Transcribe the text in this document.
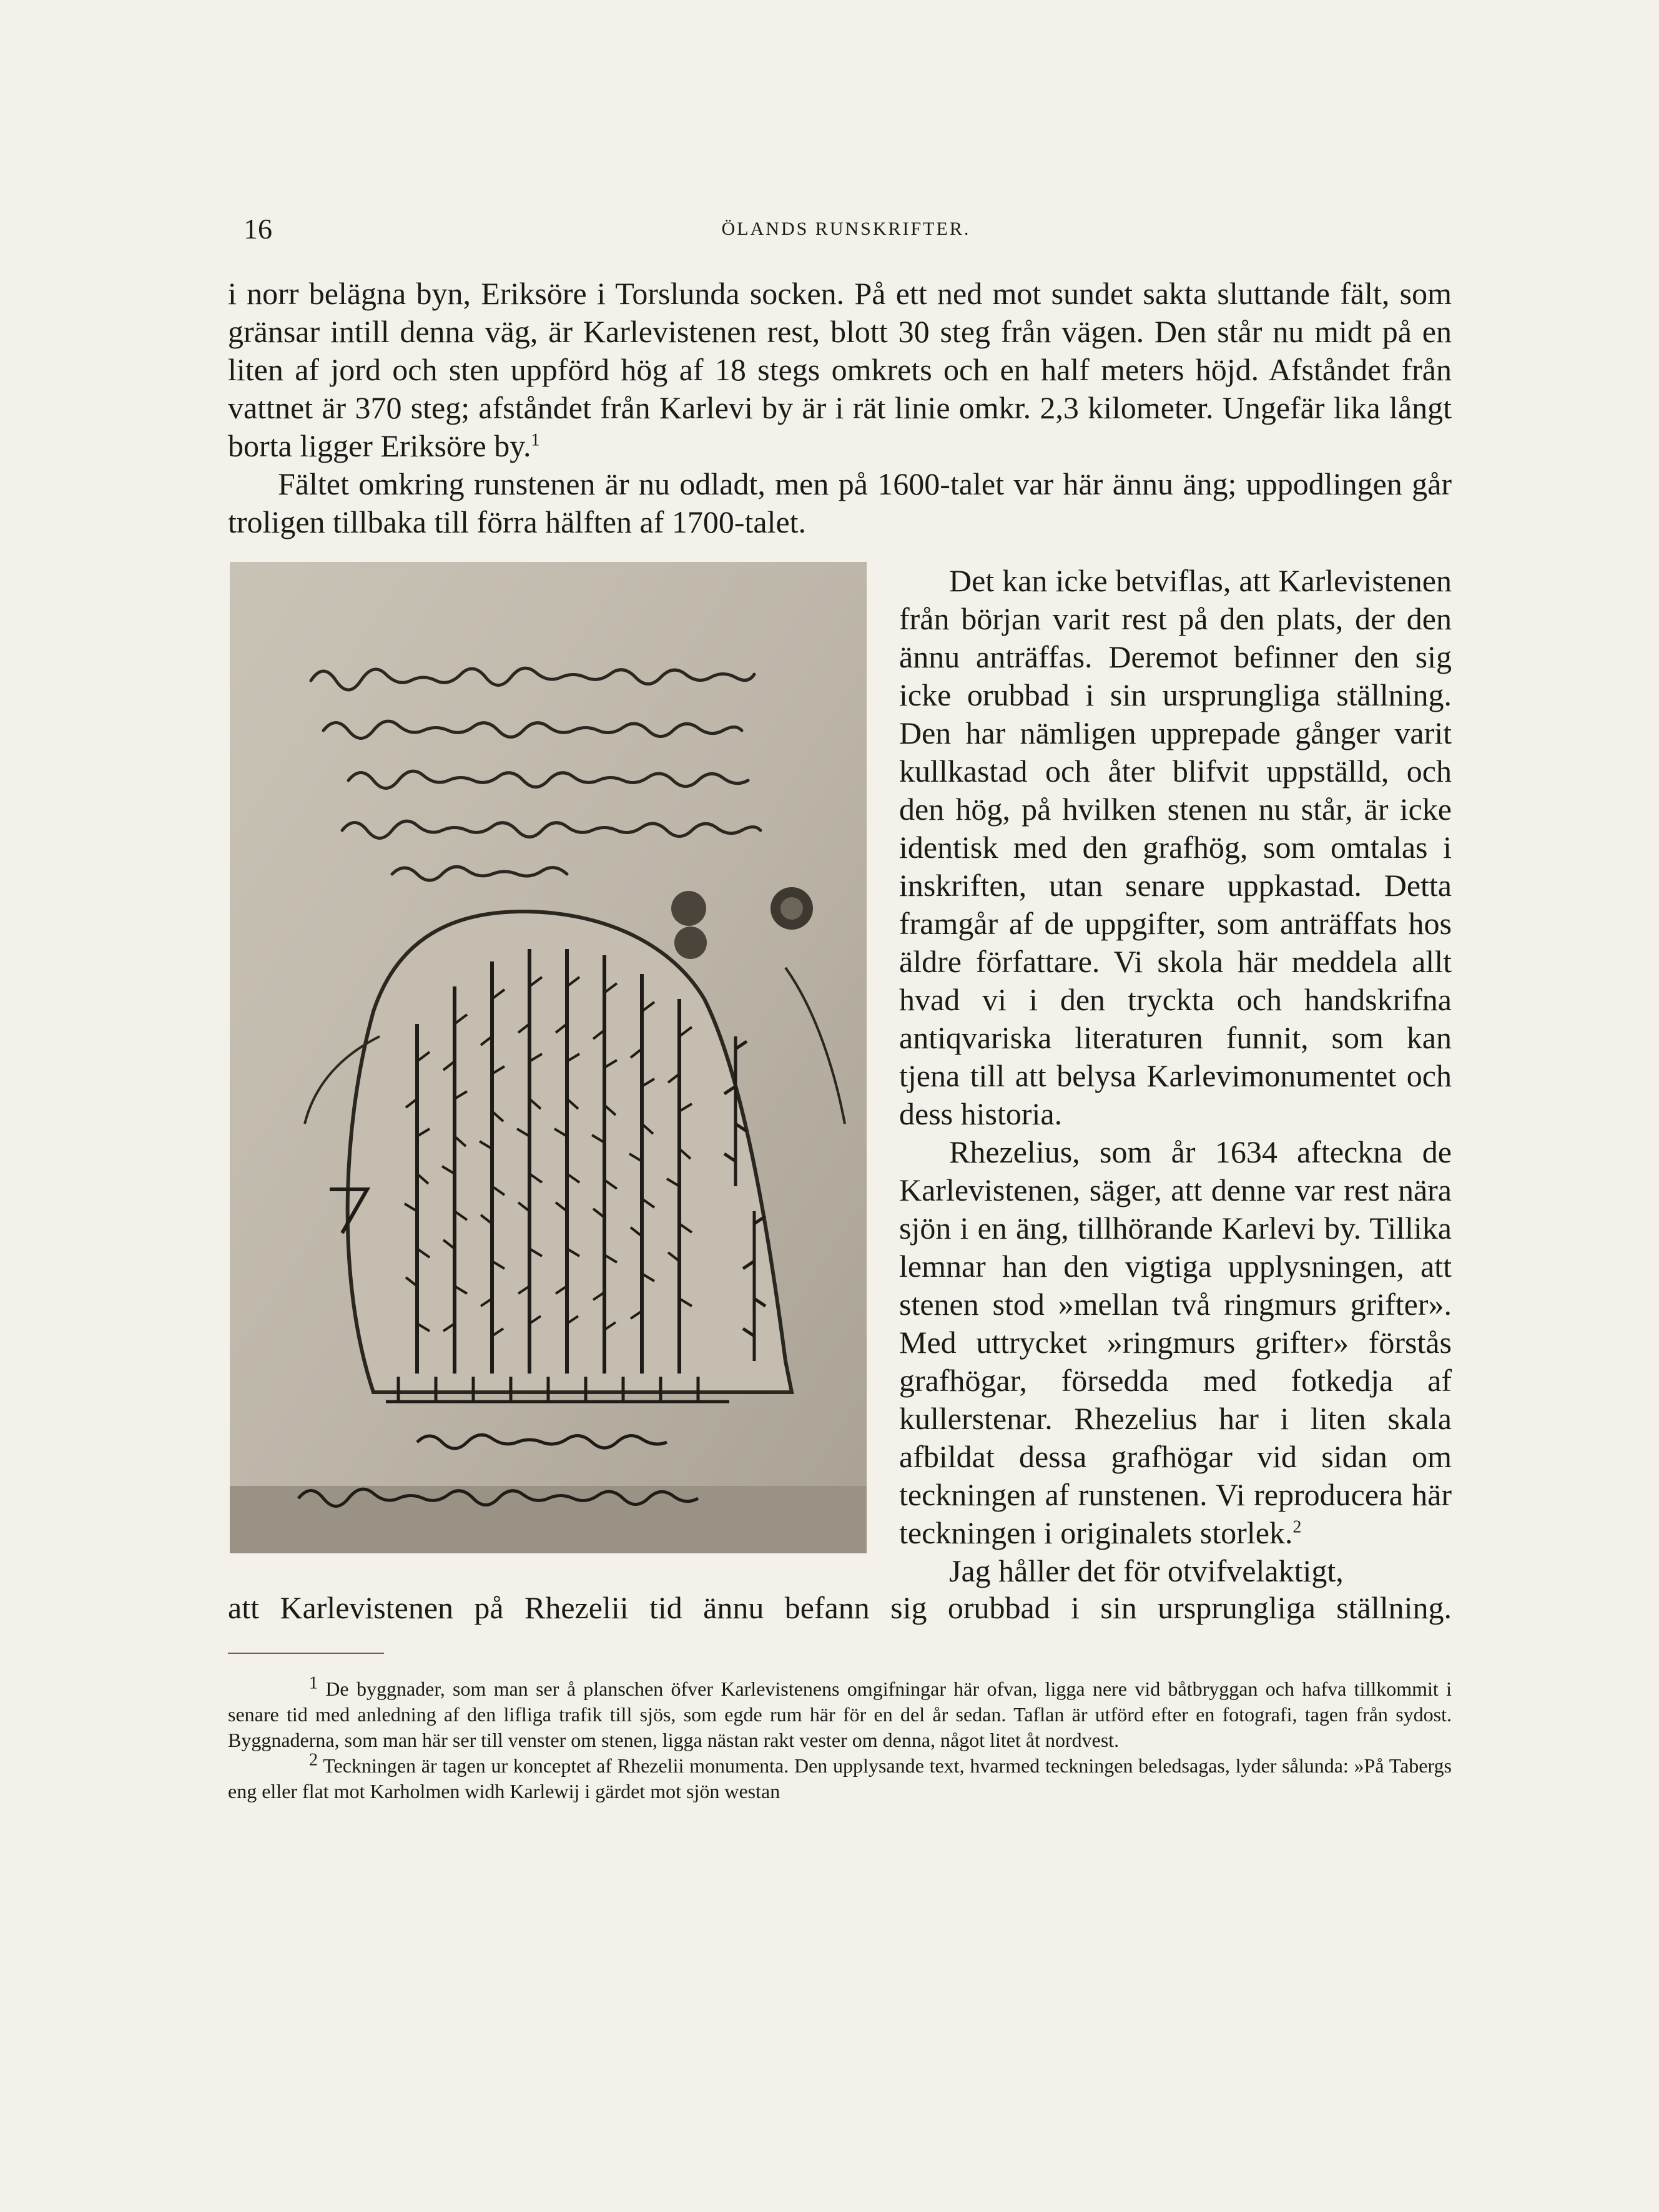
16	ÖLANDS RUNSKRIFTER.

i norr belägna byn, Eriksöre i Torslunda socken. På ett ned mot sundet sakta sluttande fält, som gränsar intill denna väg, är Karlevistenen rest, blott 30 steg från vägen. Den står nu midt på en liten af jord och sten uppförd hög af 18 stegs omkrets och en half meters höjd. Afståndet från vattnet är 370 steg; afståndet från Karlevi by är i rät linie omkr. 2,3 kilometer. Ungefär lika långt borta ligger Eriksöre by.$^1$

Fältet omkring runstenen är nu odladt, men på 1600-talet var här ännu äng; uppodlingen går troligen tillbaka till förra hälften af 1700-talet.

Det kan icke betviflas, att Karlevistenen från början varit rest på den plats, der den ännu anträffas. Deremot befinner den sig icke orubbad i sin ursprungliga ställning. Den har nämligen upprepade gånger varit kullkastad och åter blifvit uppställd, och den hög, på hvilken stenen nu står, är icke identisk med den grafhög, som omtalas i inskriften, utan senare uppkastad. Detta framgår af de uppgifter, som anträffats hos äldre författare. Vi skola här meddela allt hvad vi i den tryckta och handskrifna antiqvariska literaturen funnit, som kan tjena till att belysa Karlevimonumentet och dess historia.

Rhezelius, som år 1634 afteckna de Karlevistenen, säger, att denne var rest nära sjön i en äng, tillhörande Karlevi by. Tillika lemnar han den vigtiga upplysningen, att stenen stod »mellan två ringmurs grifter». Med uttrycket »ringmurs grifter» förstås grafhögar, försedda med fotkedja af kullerstenar. Rhezelius har i liten skala afbildat dessa grafhögar vid sidan om teckningen af runstenen. Vi reproducera här teckningen i originalets storlek.$^2$

Jag håller det för otvifvelaktigt,

att Karlevistenen på Rhezelii tid ännu befann sig orubbad i sin ursprungliga ställning.

$^1$ De byggnader, som man ser å planschen öfver Karlevistenens omgifningar här ofvan, ligga nere vid båtbryggan och hafva tillkommit i senare tid med anledning af den lifliga trafik till sjös, som egde rum här för en del år sedan. Taflan är utförd efter en fotografi, tagen från sydost. Byggnaderna, som man här ser till venster om stenen, ligga nästan rakt vester om denna, något litet åt nordvest.

$^2$ Teckningen är tagen ur konceptet af Rhezelii monumenta. Den upplysande text, hvarmed teckningen beledsagas, lyder sålunda: »På Tabergs eng eller flat mot Karholmen widh Karlewij i gärdet mot sjön westan
